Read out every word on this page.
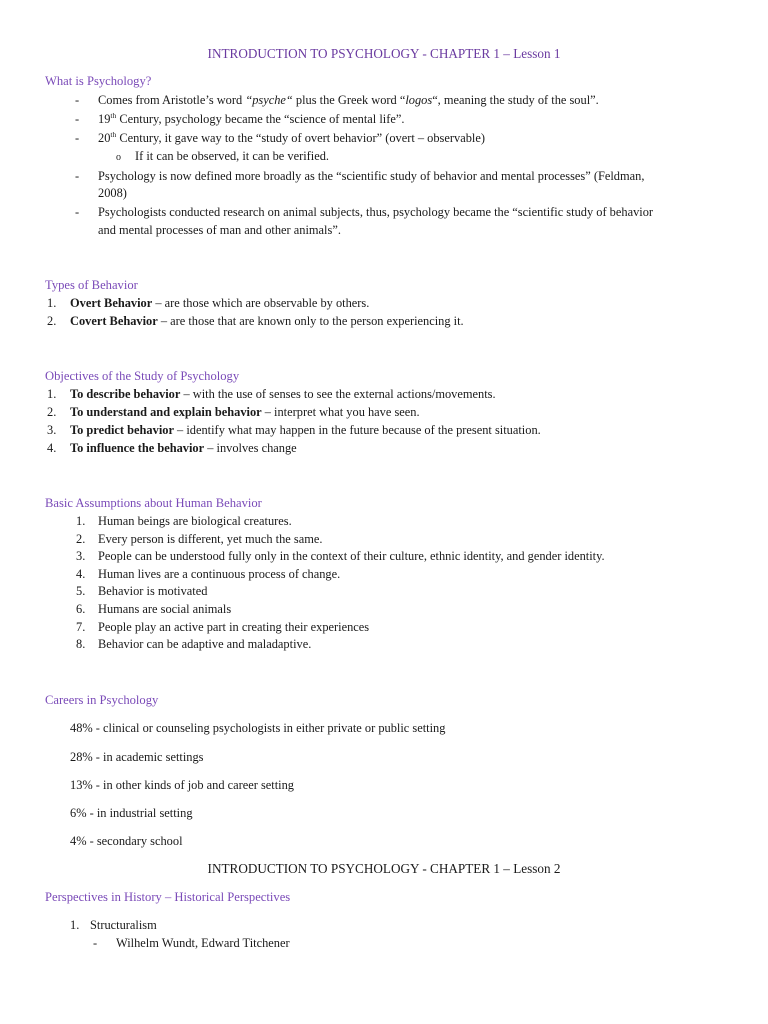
INTRODUCTION TO PSYCHOLOGY - CHAPTER 1 – Lesson 1
What is Psychology?
- Comes from Aristotle’s word “psyche“ plus the Greek word “logos“, meaning the study of the soul”.
- 19th Century, psychology became the “science of mental life”.
- 20th Century, it gave way to the “study of overt behavior” (overt – observable)
o If it can be observed, it can be verified.
- Psychology is now defined more broadly as the “scientific study of behavior and mental processes” (Feldman,
2008)
- Psychologists conducted research on animal subjects, thus, psychology became the “scientific study of behavior
and mental processes of man and other animals”.
Types of Behavior
1. Overt Behavior – are those which are observable by others.
2. Covert Behavior – are those that are known only to the person experiencing it.
Objectives of the Study of Psychology
1. To describe behavior – with the use of senses to see the external actions/movements.
2. To understand and explain behavior – interpret what you have seen.
3. To predict behavior – identify what may happen in the future because of the present situation.
4. To influence the behavior – involves change
Basic Assumptions about Human Behavior
1. Human beings are biological creatures.
2. Every person is different, yet much the same.
3. People can be understood fully only in the context of their culture, ethnic identity, and gender identity.
4. Human lives are a continuous process of change.
5. Behavior is motivated
6. Humans are social animals
7. People play an active part in creating their experiences
8. Behavior can be adaptive and maladaptive.
Careers in Psychology
48% - clinical or counseling psychologists in either private or public setting
28% - in academic settings
13% - in other kinds of job and career setting
6% - in industrial setting
4% - secondary school
INTRODUCTION TO PSYCHOLOGY - CHAPTER 1 – Lesson 2
Perspectives in History – Historical Perspectives
1. Structuralism
- Wilhelm Wundt, Edward Titchener
